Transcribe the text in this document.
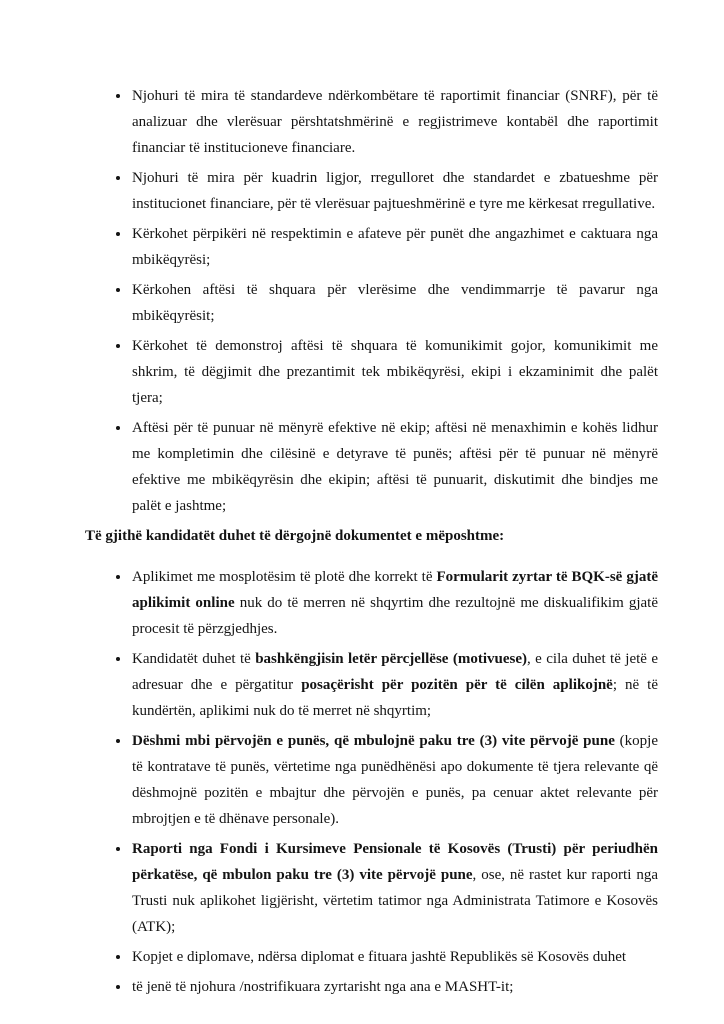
• Njohuri të mira të standardeve ndërkombëtare të raportimit financiar (SNRF), për të analizuar dhe vlerësuar përshtatshmërinë e regjistrimeve kontabël dhe raportimit financiar të institucioneve financiare.
• Njohuri të mira për kuadrin ligjor, rregulloret dhe standardet e zbatueshme për institucionet financiare, për të vlerësuar pajtueshmërinë e tyre me kërkesat rregullative.
• Kërkohet përpikëri në respektimin e afateve për punët dhe angazhimet e caktuara nga mbikëqyrësi;
• Kërkohen aftësi të shquara për vlerësime dhe vendimmarrje të pavarur nga mbikëqyrësit;
• Kërkohet të demonstroj aftësi të shquara të komunikimit gojor, komunikimit me shkrim, të dëgjimit dhe prezantimit tek mbikëqyrësi, ekipi i ekzaminimit dhe palët tjera;
• Aftësi për të punuar në mënyrë efektive në ekip; aftësi në menaxhimin e kohës lidhur me kompletimin dhe cilësinë e detyrave të punës; aftësi për të punuar në mënyrë efektive me mbikëqyrësin dhe ekipin; aftësi të punuarit, diskutimit dhe bindjes me palët e jashtme;

Të gjithë kandidatët duhet të dërgojnë dokumentet e mëposhtme:

• Aplikimet me mosplotësim të plotë dhe korrekt të Formularit zyrtar të BQK-së gjatë aplikimit online nuk do të merren në shqyrtim dhe rezultojnë me diskualifikim gjatë procesit të përzgjedhjes.
• Kandidatët duhet të bashkëngjisin letër përcjellëse (motivuese), e cila duhet të jetë e adresuar dhe e përgatitur posaçërisht për pozitën për të cilën aplikojnë; në të kundërtën, aplikimi nuk do të merret në shqyrtim;
• Dëshmi mbi përvojën e punës, që mbulojnë paku tre (3) vite përvojë pune (kopje të kontratave të punës, vërtetime nga punëdhënësi apo dokumente të tjera relevante që dëshmojnë pozitën e mbajtur dhe përvojën e punës, pa cenuar aktet relevante për mbrojtjen e të dhënave personale).
• Raporti nga Fondi i Kursimeve Pensionale të Kosovës (Trusti) për periudhën përkatëse, që mbulon paku tre (3) vite përvojë pune, ose, në rastet kur raporti nga Trusti nuk aplikohet ligjërisht, vërtetim tatimor nga Administrata Tatimore e Kosovës (ATK);
• Kopjet e diplomave, ndërsa diplomat e fituara jashtë Republikës së Kosovës duhet
• të jenë të njohura /nostrifikuara zyrtarisht nga ana e MASHT-it;
